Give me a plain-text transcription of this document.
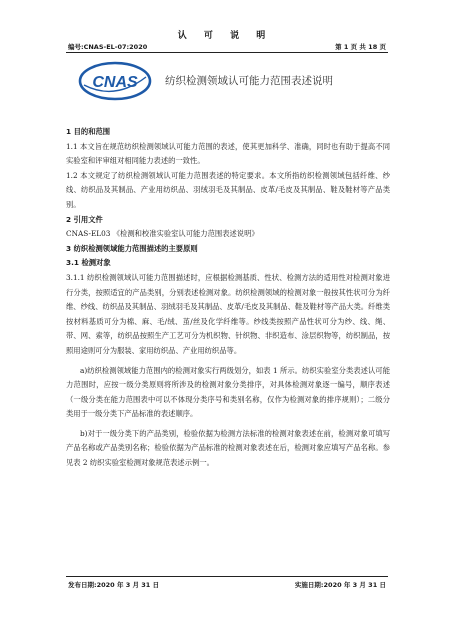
认 可 说 明
编号:CNAS-EL-07:2020	第 1 页 共 18 页
CNAS	纺织检测领域认可能力范围表述说明

1 目的和范围

1.1 本文旨在规范纺织检测领域认可能力范围的表述，使其更加科学、准确，同时也有助于提高不同实验室和评审组对相同能力表述的一致性。

1.2 本文规定了纺织检测领域认可能力范围表述的特定要求。本文所指纺织检测领域包括纤维、纱线、纺织品及其制品、产业用纺织品、羽绒羽毛及其制品、皮革/毛皮及其制品、鞋及鞋材等产品类别。

2 引用文件

CNAS-EL03 《检测和校准实验室认可能力范围表述说明》

3 纺织检测领域能力范围描述的主要原则

3.1 检测对象

3.1.1 纺织检测领域认可能力范围描述时，应根据检测基质、性状、检测方法的适用性对检测对象进行分类，按照适宜的产品类别，分别表述检测对象。纺织检测领域的检测对象一般按其性状可分为纤维、纱线、纺织品及其制品、羽绒羽毛及其制品、皮革/毛皮及其制品、鞋及鞋材等产品大类。纤维类按材料基质可分为棉、麻、毛/绒、茧/丝及化学纤维等。纱线类按照产品性状可分为纱、线、绳、带、网、索等，纺织品按照生产工艺可分为机织物、针织物、非织造布、涂层织物等，纺织制品，按照用途则可分为服装、家用纺织品、产业用纺织品等。

a)纺织检测领域能力范围内的检测对象实行两级划分，如表 1 所示。纺织实验室分类表述认可能力范围时，应按一级分类原则将所涉及的检测对象分类排序，对具体检测对象逐一编号，顺序表述（一级分类在能力范围表中可以不体现分类序号和类别名称，仅作为检测对象的排序规则）；二级分类用于一级分类下产品标准的表述顺序。

b)对于一级分类下的产品类别，检验依据为检测方法标准的检测对象表述在前，检测对象可填写产品名称或产品类别名称；检验依据为产品标准的检测对象表述在后，检测对象应填写产品名称。参见表 2 纺织实验室检测对象规范表述示例一。

发布日期:2020 年 3 月 31 日	实施日期:2020 年 3 月 31 日
